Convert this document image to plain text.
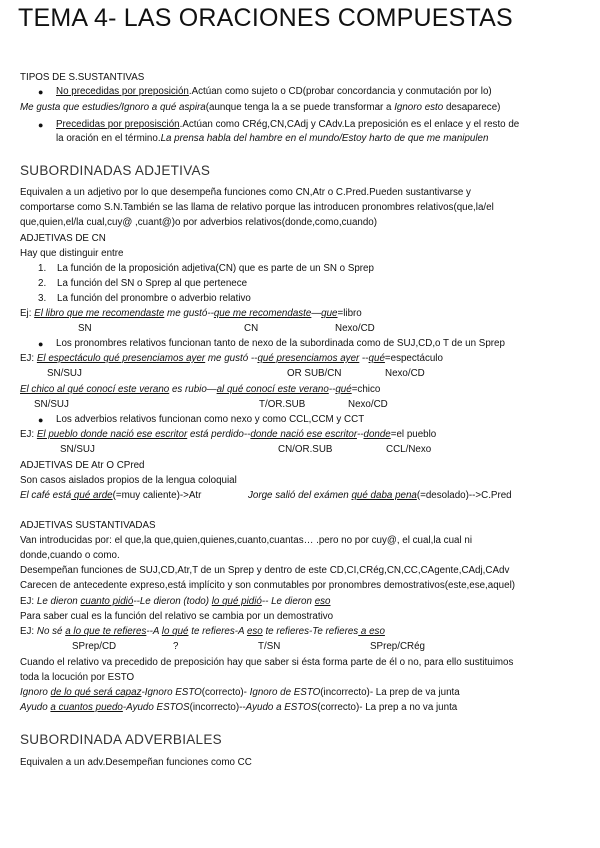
TEMA 4- LAS ORACIONES COMPUESTAS
TIPOS DE S.SUSTANTIVAS
● No precedidas por preposición.Actúan como sujeto o CD(probar concordancia y conmutación por lo)
Me gusta que estudies/Ignoro a qué aspira(aunque tenga la a se puede transformar a Ignoro esto desaparece)
● Precedidas por preposisción.Actúan como CRég,CN,CAdj y CAdv.La preposición es el enlace y el resto de
la oración en el término.La prensa habla del hambre en el mundo/Estoy harto de que me manipulen
SUBORDINADAS ADJETIVAS
Equivalen a un adjetivo por lo que desempeña funciones como CN,Atr o C.Pred.Pueden sustantivarse y
comportarse como S.N.También se las llama de relativo porque las introducen pronombres relativos(que,la/el
que,quien,el/la cual,cuy@ ,cuant@)o por adverbios relativos(donde,como,cuando)
ADJETIVAS DE CN
Hay que distinguir entre
1. La función de la proposición adjetiva(CN) que es parte de un SN o Sprep
2. La función del SN o Sprep al que pertenece
3. La función del pronombre o adverbio relativo
Ej: El libro que me recomendaste me gustó--que me recomendaste—que=libro
SN	CN	Nexo/CD
● Los pronombres relativos funcionan tanto de nexo de la subordinada como de SUJ,CD,o T de un Sprep
EJ: El espectáculo qué presenciamos ayer me gustó --qué presenciamos ayer --qué=espectáculo
SN/SUJ	OR SUB/CN	Nexo/CD
El chico al qué conocí este verano es rubio—al qué conocí este verano--qué=chico
SN/SUJ	T/OR.SUB	Nexo/CD
● Los adverbios relativos funcionan como nexo y como CCL,CCM y CCT
EJ: El pueblo donde nació ese escritor está perdido--donde nació ese escritor--donde=el pueblo
SN/SUJ	CN/OR.SUB	CCL/Nexo
ADJETIVAS DE Atr O CPred
Son casos aislados propios de la lengua coloquial
El café está qué arde(=muy caliente)->Atr	Jorge salió del exámen qué daba pena(=desolado)-->C.Pred
ADJETIVAS SUSTANTIVADAS
Van introducidas por: el que,la que,quien,quienes,cuanto,cuantas… .pero no por cuy@, el cual,la cual ni
donde,cuando o como.
Desempeñan funciones de SUJ,CD,Atr,T de un Sprep y dentro de este CD,CI,CRég,CN,CC,CAgente,CAdj,CAdv
Carecen de antecedente expreso,está implícito y son conmutables por pronombres demostrativos(este,ese,aquel)
EJ: Le dieron cuanto pidió--Le dieron (todo) lo qué pidió-- Le dieron eso
Para saber cual es la función del relativo se cambia por un demostrativo
EJ: No sé a lo que te refieres--A lo qué te refieres-A eso te refieres-Te refieres a eso
SPrep/CD	?	T/SN	SPrep/CRég
Cuando el relativo va precedido de preposición hay que saber si ésta forma parte de él o no, para ello sustituimos
toda la locución por ESTO
Ignoro de lo qué será capaz-Ignoro ESTO(correcto)- Ignoro de ESTO(incorrecto)- La prep de va junta
Ayudo a cuantos puedo-Ayudo ESTOS(incorrecto)--Ayudo a ESTOS(correcto)- La prep a no va junta
SUBORDINADA ADVERBIALES
Equivalen a un adv.Desempeñan funciones como CC
